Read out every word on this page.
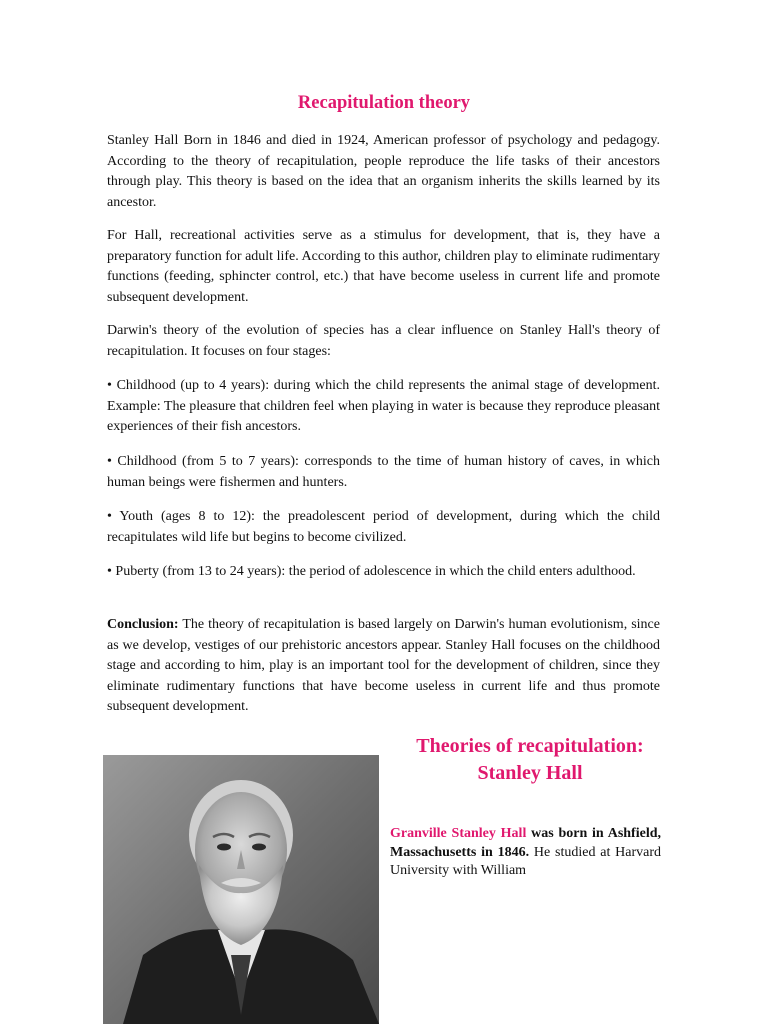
Recapitulation theory

Stanley Hall Born in 1846 and died in 1924, American professor of psychology and pedagogy. According to the theory of recapitulation, people reproduce the life tasks of their ancestors through play. This theory is based on the idea that an organism inherits the skills learned by its ancestor.

For Hall, recreational activities serve as a stimulus for development, that is, they have a preparatory function for adult life. According to this author, children play to eliminate rudimentary functions (feeding, sphincter control, etc.) that have become useless in current life and promote subsequent development.

Darwin's theory of the evolution of species has a clear influence on Stanley Hall's theory of recapitulation. It focuses on four stages:

• Childhood (up to 4 years): during which the child represents the animal stage of development. Example: The pleasure that children feel when playing in water is because they reproduce pleasant experiences of their fish ancestors.

• Childhood (from 5 to 7 years): corresponds to the time of human history of caves, in which human beings were fishermen and hunters.

• Youth (ages 8 to 12): the preadolescent period of development, during which the child recapitulates wild life but begins to become civilized.

• Puberty (from 13 to 24 years): the period of adolescence in which the child enters adulthood.

Conclusion: The theory of recapitulation is based largely on Darwin's human evolutionism, since as we develop, vestiges of our prehistoric ancestors appear. Stanley Hall focuses on the childhood stage and according to him, play is an important tool for the development of children, since they eliminate rudimentary functions that have become useless in current life and thus promote subsequent development.

Theories of recapitulation:
Stanley Hall
Granville Stanley Hall was born in Ashfield, Massachusetts in 1846. He studied at Harvard University with William
